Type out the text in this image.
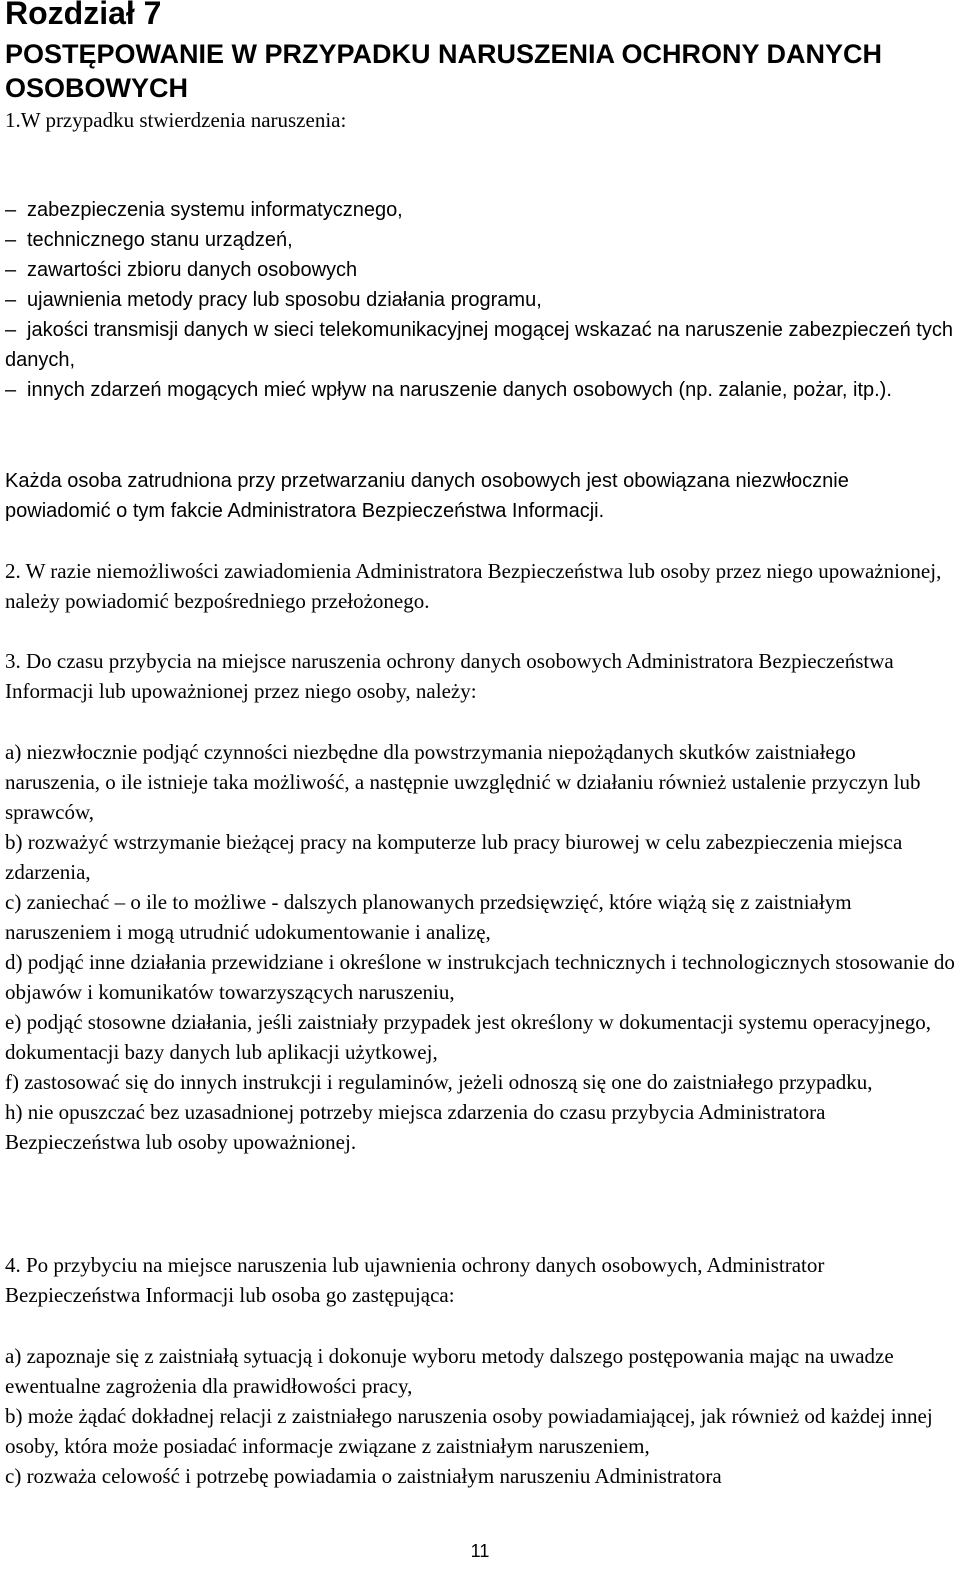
Rozdział 7
POSTĘPOWANIE W PRZYPADKU NARUSZENIA OCHRONY DANYCH OSOBOWYCH

1.W przypadku stwierdzenia naruszenia:

– zabezpieczenia systemu informatycznego,
– technicznego stanu urządzeń,
– zawartości zbioru danych osobowych
– ujawnienia metody pracy lub sposobu działania programu,
– jakości transmisji danych w sieci telekomunikacyjnej mogącej wskazać na naruszenie zabezpieczeń tych danych,
– innych zdarzeń mogących mieć wpływ na naruszenie danych osobowych (np. zalanie, pożar, itp.).

Każda osoba zatrudniona przy przetwarzaniu danych osobowych jest obowiązana niezwłocznie powiadomić o tym fakcie Administratora Bezpieczeństwa Informacji.

2. W razie niemożliwości zawiadomienia Administratora Bezpieczeństwa lub osoby przez niego upoważnionej, należy powiadomić bezpośredniego przełożonego.

3. Do czasu przybycia na miejsce naruszenia ochrony danych osobowych Administratora Bezpieczeństwa Informacji lub upoważnionej przez niego osoby, należy:

a) niezwłocznie podjąć czynności niezbędne dla powstrzymania niepożądanych skutków zaistniałego naruszenia, o ile istnieje taka możliwość, a następnie uwzględnić w działaniu również ustalenie przyczyn lub sprawców,
b) rozważyć wstrzymanie bieżącej pracy na komputerze lub pracy biurowej w celu zabezpieczenia miejsca zdarzenia,
c) zaniechać – o ile to możliwe - dalszych planowanych przedsięwzięć, które wiążą się z zaistniałym naruszeniem i mogą utrudnić udokumentowanie i analizę,
d) podjąć inne działania przewidziane i określone w instrukcjach technicznych i technologicznych stosowanie do objawów i komunikatów towarzyszących naruszeniu,
e) podjąć stosowne działania, jeśli zaistniały przypadek jest określony w dokumentacji systemu operacyjnego, dokumentacji bazy danych lub aplikacji użytkowej,
f) zastosować się do innych instrukcji i regulaminów, jeżeli odnoszą się one do zaistniałego przypadku,
h) nie opuszczać bez uzasadnionej potrzeby miejsca zdarzenia do czasu przybycia Administratora Bezpieczeństwa lub osoby upoważnionej.

4. Po przybyciu na miejsce naruszenia lub ujawnienia ochrony danych osobowych, Administrator Bezpieczeństwa Informacji lub osoba go zastępująca:

a) zapoznaje się z zaistniałą sytuacją i dokonuje wyboru metody dalszego postępowania mając na uwadze ewentualne zagrożenia dla prawidłowości pracy,
b) może żądać dokładnej relacji z zaistniałego naruszenia osoby powiadamiającej, jak również od każdej innej osoby, która może posiadać informacje związane z zaistniałym naruszeniem,
c) rozważa celowość i potrzebę powiadamia o zaistniałym naruszeniu Administratora
11
